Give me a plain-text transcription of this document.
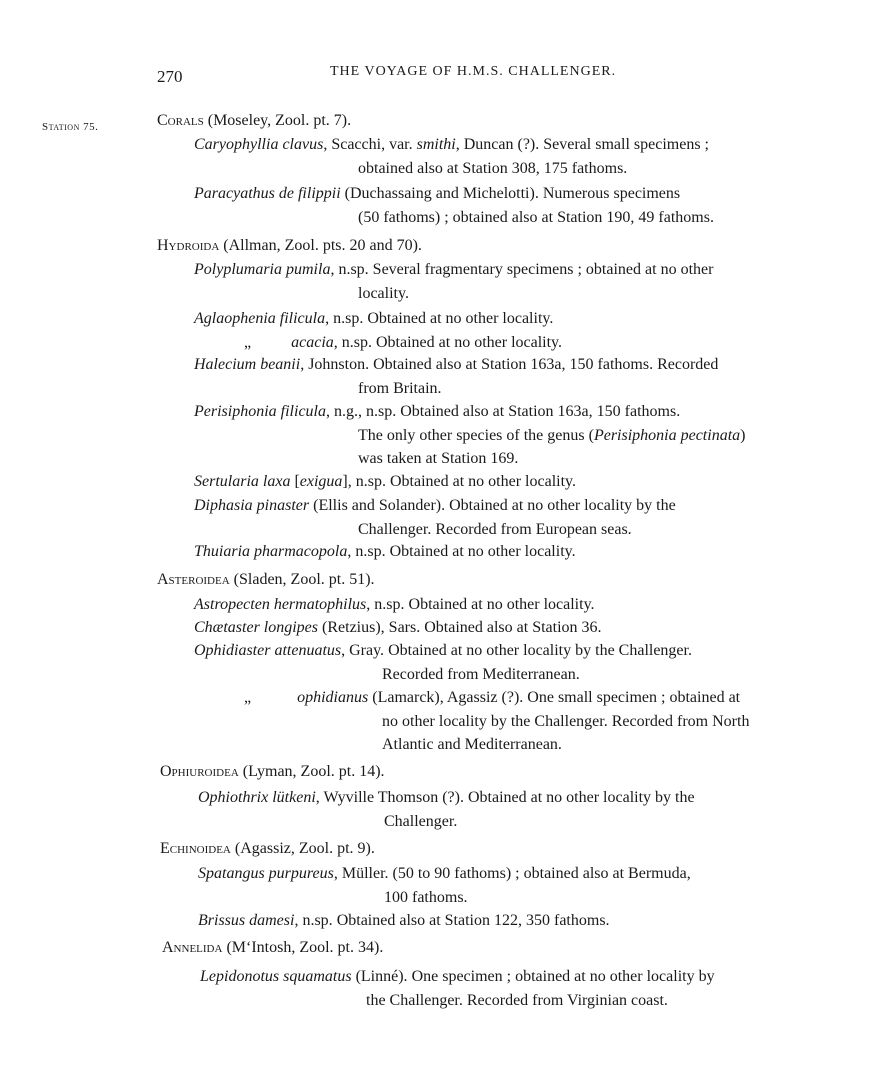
270	THE VOYAGE OF H.M.S. CHALLENGER.
Station 75.	Corals (Moseley, Zool. pt. 7).
Caryophyllia clavus, Scacchi, var. smithi, Duncan (?). Several small specimens ;
obtained also at Station 308, 175 fathoms.
Paracyathus de filippii (Duchassaing and Michelotti). Numerous specimens
(50 fathoms) ; obtained also at Station 190, 49 fathoms.
Hydroida (Allman, Zool. pts. 20 and 70).
Polyplumaria pumila, n.sp. Several fragmentary specimens ; obtained at no other
locality.
Aglaophenia filicula, n.sp. Obtained at no other locality.
„	acacia, n.sp. Obtained at no other locality.
Halecium beanii, Johnston. Obtained also at Station 163a, 150 fathoms. Recorded
from Britain.
Perisiphonia filicula, n.g., n.sp. Obtained also at Station 163a, 150 fathoms.
The only other species of the genus (Perisiphonia pectinata)
was taken at Station 169.
Sertularia laxa [exigua], n.sp. Obtained at no other locality.
Diphasia pinaster (Ellis and Solander). Obtained at no other locality by the
Challenger. Recorded from European seas.
Thuiaria pharmacopola, n.sp. Obtained at no other locality.
Asteroidea (Sladen, Zool. pt. 51).
Astropecten hermatophilus, n.sp. Obtained at no other locality.
Chætaster longipes (Retzius), Sars. Obtained also at Station 36.
Ophidiaster attenuatus, Gray. Obtained at no other locality by the Challenger.
Recorded from Mediterranean.
„	ophidianus (Lamarck), Agassiz (?). One small specimen ; obtained at
no other locality by the Challenger. Recorded from North
Atlantic and Mediterranean.
Ophiuroidea (Lyman, Zool. pt. 14).
Ophiothrix lütkeni, Wyville Thomson (?). Obtained at no other locality by the
Challenger.
Echinoidea (Agassiz, Zool. pt. 9).
Spatangus purpureus, Müller. (50 to 90 fathoms) ; obtained also at Bermuda,
100 fathoms.
Brissus damesi, n.sp. Obtained also at Station 122, 350 fathoms.
Annelida (M‘Intosh, Zool. pt. 34).
Lepidonotus squamatus (Linné). One specimen ; obtained at no other locality by
the Challenger. Recorded from Virginian coast.
